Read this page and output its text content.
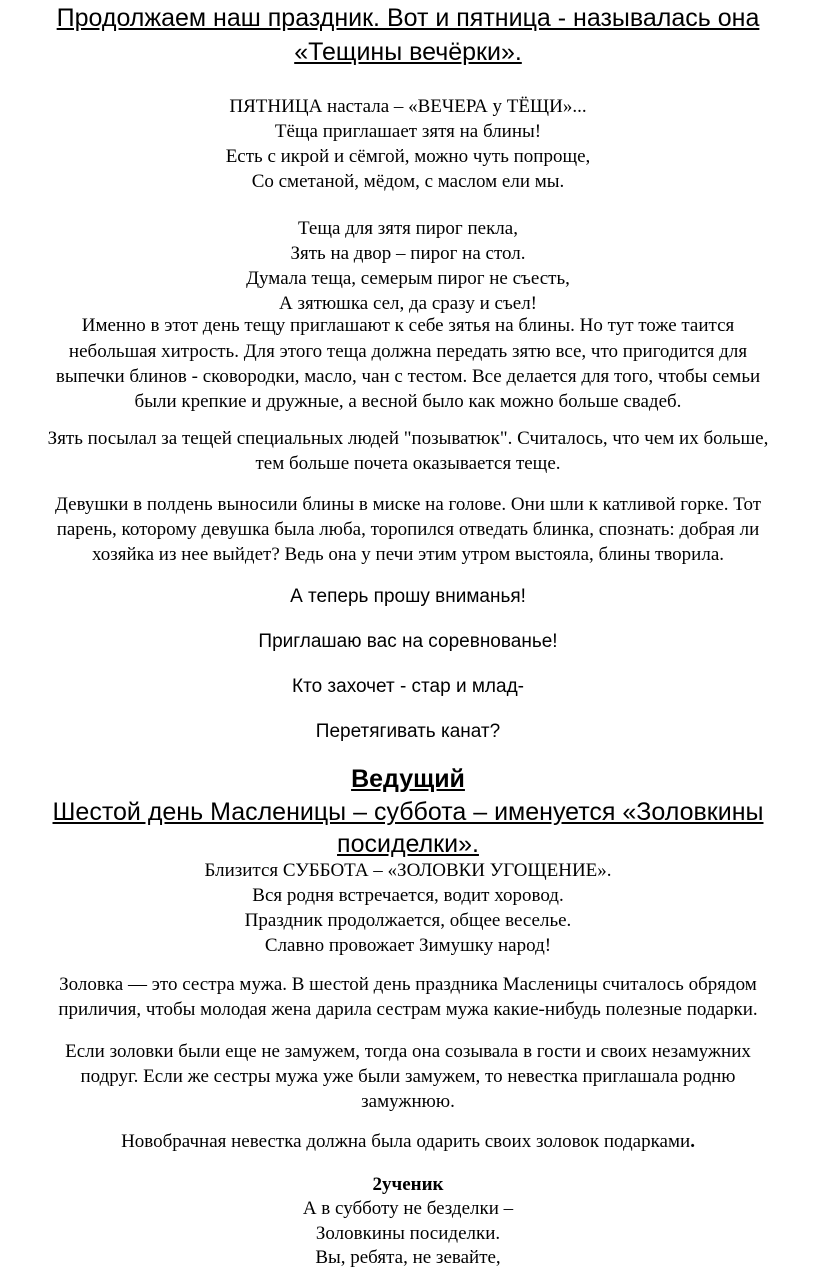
Продолжаем наш праздник. Вот и пятница - называлась она
«Тещины вечёрки».
ПЯТНИЦА настала – «ВЕЧЕРА у ТЁЩИ»...
Тёща приглашает зятя на блины!
Есть с икрой и сёмгой, можно чуть попроще,
Со сметаной, мёдом, с маслом ели мы.
Теща для зятя пирог пекла,
Зять на двор – пирог на стол.
Думала теща, семерым пирог не съесть,
А зятюшка сел, да сразу и съел!
Именно в этот день тещу приглашают к себе зятья на блины. Но тут тоже таится
небольшая хитрость. Для этого теща должна передать зятю все, что пригодится для
выпечки блинов - сковородки, масло, чан с тестом. Все делается для того, чтобы семьи
были крепкие и дружные, а весной было как можно больше свадеб.
Зять посылал за тещей специальных людей "позыватюк". Считалось, что чем их больше,
тем больше почета оказывается теще.
Девушки в полдень выносили блины в миске на голове. Они шли к катливой горке. Тот
парень, которому девушка была люба, торопился отведать блинка, спознать: добрая ли
хозяйка из нее выйдет? Ведь она у печи этим утром выстояла, блины творила.
А теперь прошу вниманья!
Приглашаю вас на соревнованье!
Кто захочет - стар и млад-
Перетягивать канат?
Ведущий
Шестой день Масленицы – суббота – именуется «Золовкины
посиделки».
Близится СУББОТА – «ЗОЛОВКИ УГОЩЕНИЕ».
Вся родня встречается, водит хоровод.
Праздник продолжается, общее веселье.
Славно провожает Зимушку народ!
Золовка — это сестра мужа. В шестой день праздника Масленицы считалось обрядом
приличия, чтобы молодая жена дарила сестрам мужа какие-нибудь полезные подарки.
Если золовки были еще не замужем, тогда она созывала в гости и своих незамужних
подруг. Если же сестры мужа уже были замужем, то невестка приглашала родню
замужнюю.
Новобрачная невестка должна была одарить своих золовок подарками.
2ученик
А в субботу не безделки –
Золовкины посиделки.
Вы, ребята, не зевайте,
